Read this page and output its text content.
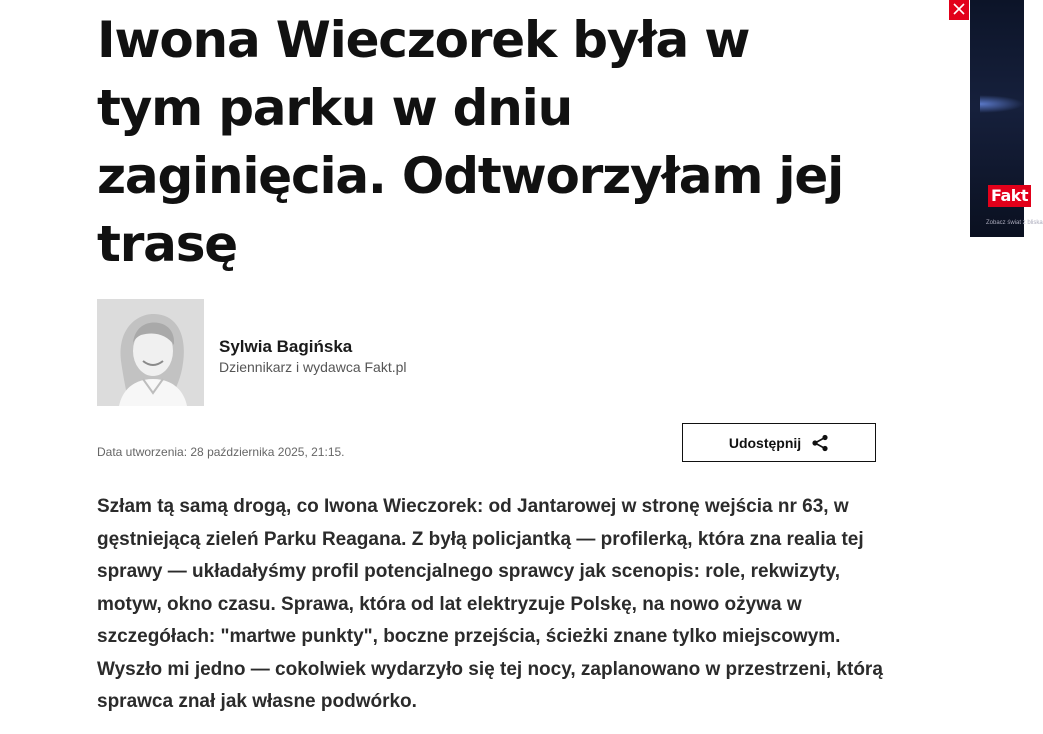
Iwona Wieczorek była w tym parku w dniu zaginięcia. Odtworzyłam jej trasę
Sylwia Bagińska
Dziennikarz i wydawca Fakt.pl
Data utworzenia: 28 października 2025, 21:15.
Udostępnij

Szłam tą samą drogą, co Iwona Wieczorek: od Jantarowej w stronę wejścia nr 63, w gęstniejącą zieleń Parku Reagana. Z byłą policjantką — profilerką, która zna realia tej sprawy — układałyśmy profil potencjalnego sprawcy jak scenopis: role, rekwizyty, motyw, okno czasu. Sprawa, która od lat elektryzuje Polskę, na nowo ożywa w szczegółach: "martwe punkty", boczne przejścia, ścieżki znane tylko miejscowym. Wyszło mi jedno — cokolwiek wydarzyło się tej nocy, zaplanowano w przestrzeni, którą sprawca znał jak własne podwórko.

Fakt
Zobacz świat z bliska
